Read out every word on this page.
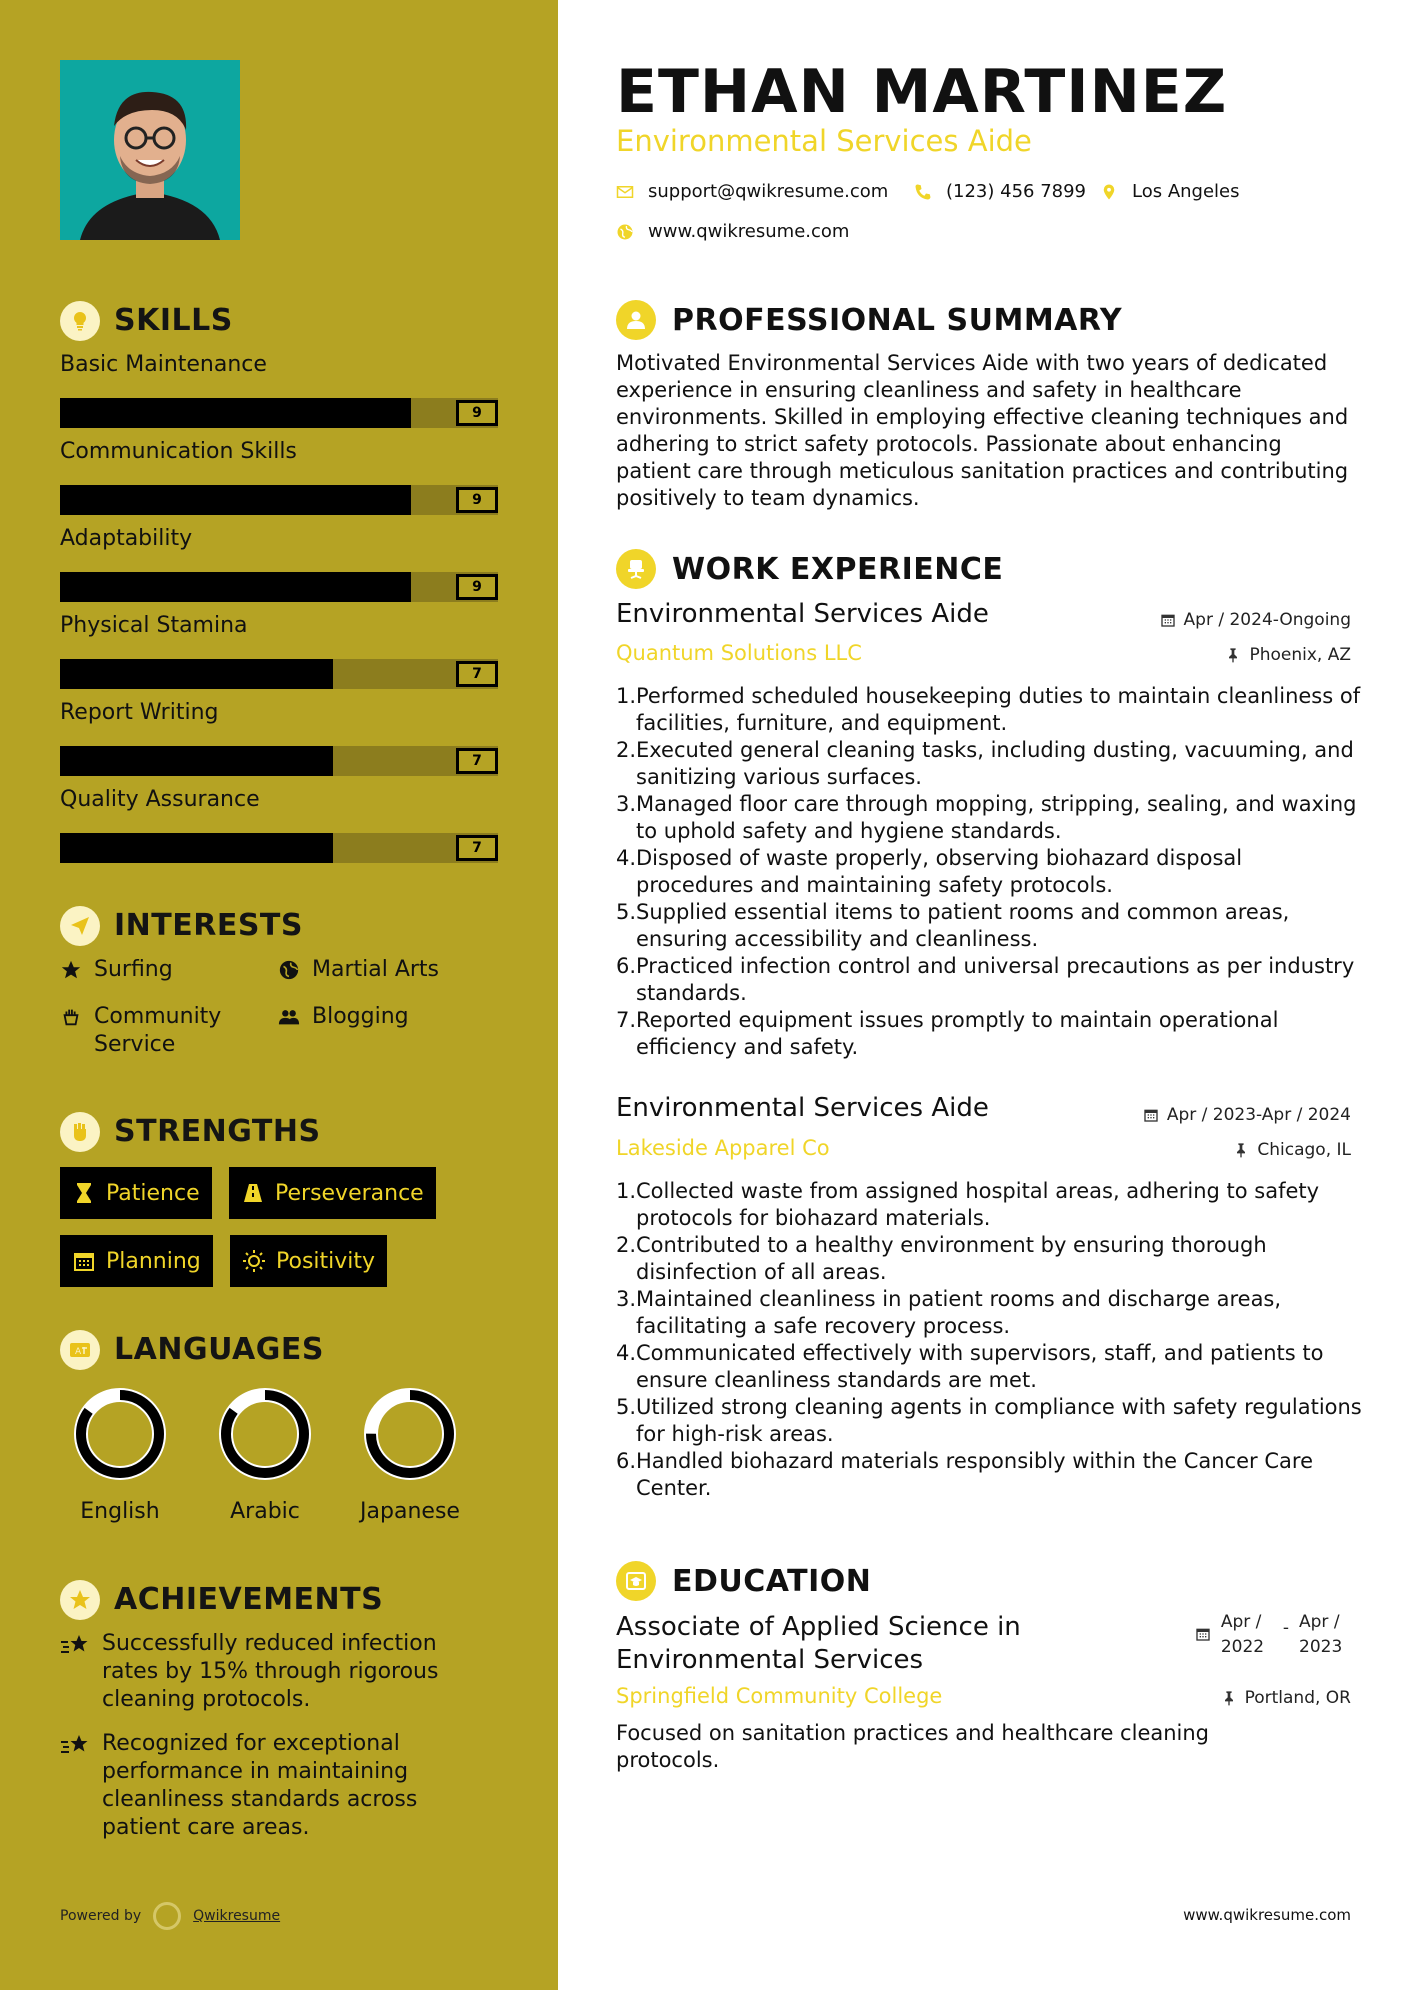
SKILLS
Basic Maintenance
9
Communication Skills
9
Adaptability
9
Physical Stamina
7
Report Writing
7
Quality Assurance
7
INTERESTS
Surfing	Martial Arts
Community Service
Blogging
STRENGTHS
Patience	Perseverance
Planning	Positivity
A LANGUAGES
English	Arabic	Japanese
ACHIEVEMENTS
Successfully reduced infection rates by 15% through rigorous cleaning protocols.
Recognized for exceptional performance in maintaining cleanliness standards across patient care areas.
Powered by	Qwikresume
ETHAN MARTINEZ
Environmental Services Aide
support@qwikresume.com	(123) 456 7899	Los Angeles
www.qwikresume.com
PROFESSIONAL SUMMARY

Motivated Environmental Services Aide with two years of dedicated experience in ensuring cleanliness and safety in healthcare environments. Skilled in employing effective cleaning techniques and adhering to strict safety protocols. Passionate about enhancing patient care through meticulous sanitation practices and contributing positively to team dynamics.

WORK EXPERIENCE
Environmental Services Aide	Apr / 2024-Ongoing
Quantum Solutions LLC	Phoenix, AZ
1. Performed scheduled housekeeping duties to maintain cleanliness of facilities, furniture, and equipment.
2. Executed general cleaning tasks, including dusting, vacuuming, and sanitizing various surfaces.
3. Managed floor care through mopping, stripping, sealing, and waxing to uphold safety and hygiene standards.
4. Disposed of waste properly, observing biohazard disposal procedures and maintaining safety protocols.
5. Supplied essential items to patient rooms and common areas, ensuring accessibility and cleanliness.
6. Practiced infection control and universal precautions as per industry standards.
7. Reported equipment issues promptly to maintain operational efficiency and safety.
Environmental Services Aide	Apr / 2023-Apr / 2024
Lakeside Apparel Co	Chicago, IL
1. Collected waste from assigned hospital areas, adhering to safety protocols for biohazard materials.
2. Contributed to a healthy environment by ensuring thorough disinfection of all areas.
3. Maintained cleanliness in patient rooms and discharge areas, facilitating a safe recovery process.
4. Communicated effectively with supervisors, staff, and patients to ensure cleanliness standards are met.
5. Utilized strong cleaning agents in compliance with safety regulations for high-risk areas.
6. Handled biohazard materials responsibly within the Cancer Care Center.
EDUCATION
Associate of Applied Science in Environmental Services
Apr / 2022
- Apr / 2023
Springfield Community College	Portland, OR

Focused on sanitation practices and healthcare cleaning protocols.

www.qwikresume.com
